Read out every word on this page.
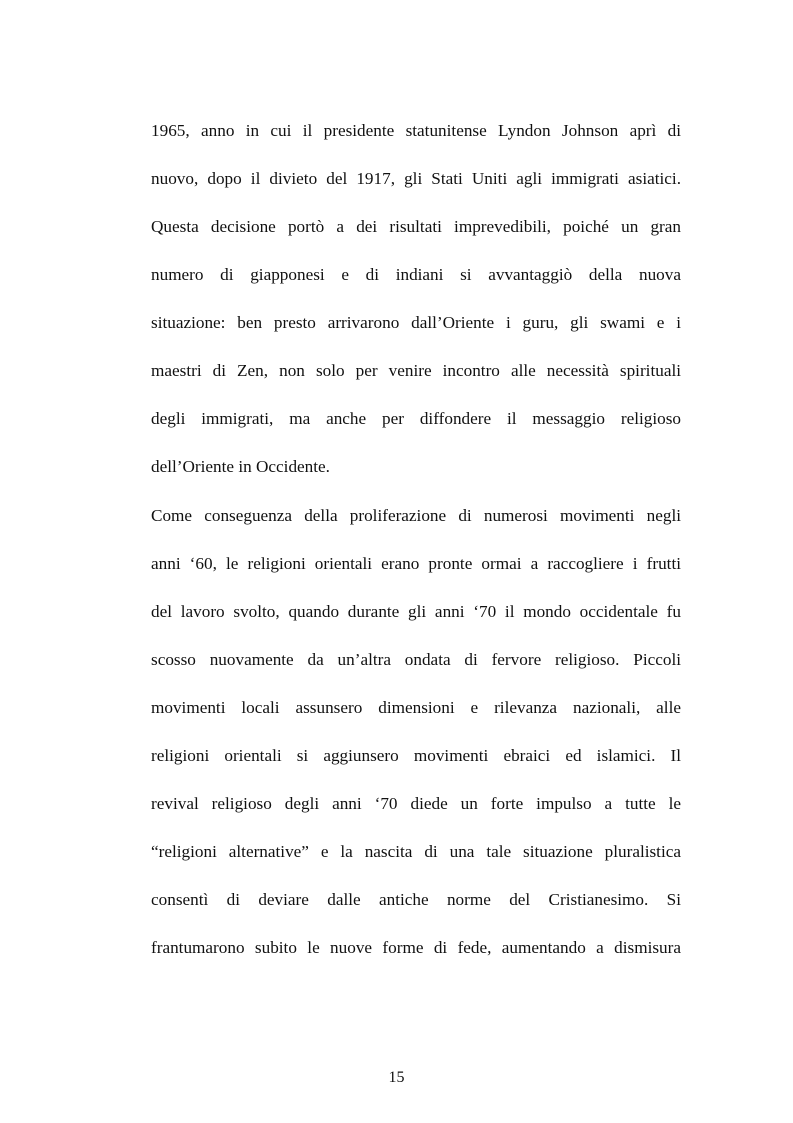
1965, anno in cui il presidente statunitense Lyndon Johnson aprì di
nuovo, dopo il divieto del 1917, gli Stati Uniti agli immigrati asiatici.
Questa decisione portò a dei risultati imprevedibili, poiché un gran
numero di giapponesi e di indiani si avvantaggiò della nuova
situazione: ben presto arrivarono dall’Oriente i guru, gli swami e i
maestri di Zen, non solo per venire incontro alle necessità spirituali
degli immigrati, ma anche per diffondere il messaggio religioso
dell’Oriente in Occidente.
Come conseguenza della proliferazione di numerosi movimenti negli
anni ‘60, le religioni orientali erano pronte ormai a raccogliere i frutti
del lavoro svolto, quando durante gli anni ‘70 il mondo occidentale fu
scosso nuovamente da un’altra ondata di fervore religioso. Piccoli
movimenti locali assunsero dimensioni e rilevanza nazionali, alle
religioni orientali si aggiunsero movimenti ebraici ed islamici. Il
revival religioso degli anni ‘70 diede un forte impulso a tutte le
“religioni alternative” e la nascita di una tale situazione pluralistica
consentì di deviare dalle antiche norme del Cristianesimo. Si
frantumarono subito le nuove forme di fede, aumentando a dismisura
15
